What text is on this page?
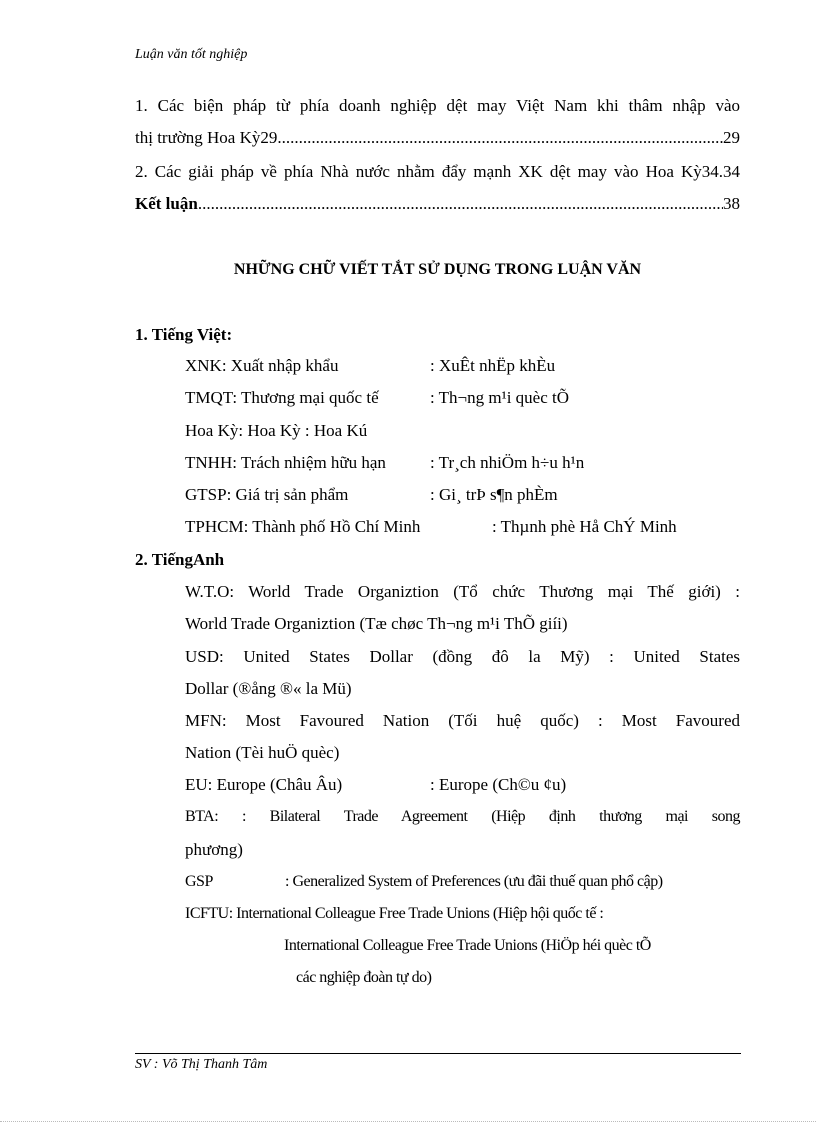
Luận văn tốt nghiệp
1. Các biện pháp từ phía doanh nghiệp dệt may Việt Nam khi thâm nhập vào
thị trường Hoa Kỳ29 .....	29
2. Các giải pháp về phía Nhà nước nhằm đẩy mạnh XK dệt may vào Hoa Kỳ34.34
Kết luận .....	38
NHỮNG CHỮ VIẾT TẮT SỬ DỤNG TRONG LUẬN VĂN
1. Tiếng Việt:
XNK: Xuất nhập khẩu	: XuÊt nhËp khÈu
TMQT: Thương mại quốc tế	: Th¬ng m¹i quèc tÕ
Hoa Kỳ: Hoa Kỳ : Hoa Kú
TNHH: Trách nhiệm hữu hạn	: Tr¸ch nhiÖm h÷u h¹n
GTSP: Giá trị sản phẩm	: Gi¸ trÞ s¶n phÈm
TPHCM: Thành phố Hồ Chí Minh	: Thµnh phè Hå ChÝ Minh
2. TiếngAnh
W.T.O: World Trade Organiztion (Tổ chức Thương mại Thế giới) :
World Trade Organiztion (Tæ chøc Th¬ng m¹i ThÕ giíi)
USD: United States Dollar (đồng đô la Mỹ) : United States
Dollar (®ång ®« la Mü)
MFN: Most Favoured Nation (Tối huệ quốc) : Most Favoured
Nation (Tèi huÖ quèc)
EU: Europe (Châu Âu)	: Europe (Ch©u ¢u)
BTA: : Bilateral Trade Agreement (Hiệp định thương mại song
phương)
GSP	: Generalized System of Preferences (ưu đãi thuế quan phổ cập)
ICFTU: International Colleague Free Trade Unions (Hiệp hội quốc tế :
International Colleague Free Trade Unions (HiÖp héi quèc tÕ
các nghiệp đoàn tự do)
SV : Võ Thị Thanh Tâm
